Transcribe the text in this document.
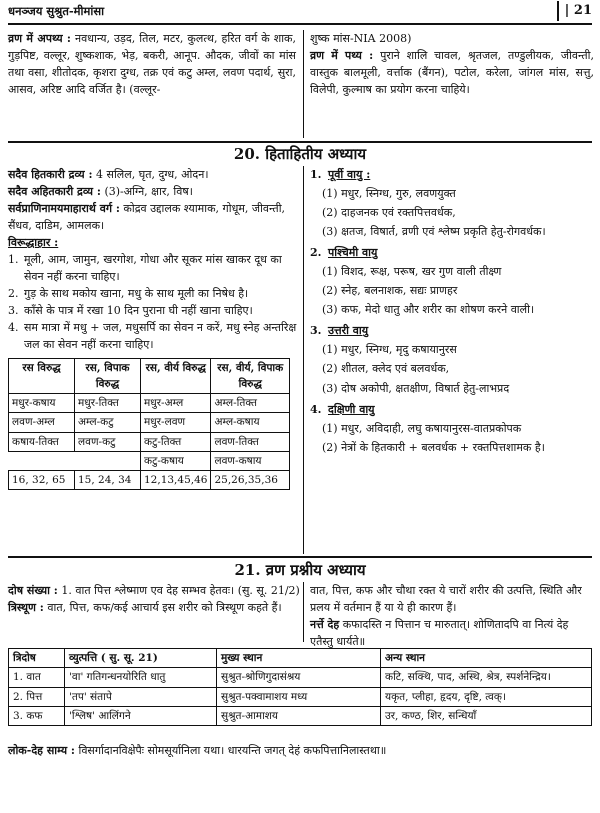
धनञ्जय सुश्रुत-मीमांसा	| 21

व्रण में अपथ्य : नवधान्य, उड़द, तिल, मटर, कुलत्थ, हरित वर्ग के शाक, गुड़पिष्ट, वल्लूर, शुष्कशाक, भेड़, बकरी, आनूप. औदक, जीवों का मांस तथा वसा, शीतोदक, कृशरा दुग्ध, तक्र एवं कटु अम्ल, लवण पदार्थ, सुरा, आसव, अरिष्ट आदि वर्जित है। (वल्लूर-

शुष्क मांस-NIA 2008)

व्रण में पथ्य : पुराने शालि चावल, श्रृतजल, तण्डुलीयक, जीवन्ती, वास्तुक बालमूली, वर्त्ताक (बैंगन), पटोल, करेला, जांगल मांस, सत्तु, विलेपी, कुल्माष का प्रयोग करना चाहिये।

20. हिताहितीय अध्याय

सदैव हितकारी द्रव्य : 4 सलिल, घृत, दुग्ध, ओदन।

सदैव अहितकारी द्रव्य : (3)-अग्नि, क्षार, विष।

सर्वप्राणिनामयमाहारार्थ वर्ग : कोद्रव उद्दालक श्यामाक, गोधूम, जीवन्ती, सैंधव, दाडिम, आमलक।

विरूद्धाहार :

1. मूली, आम, जामुन, खरगोश, गोधा और सूकर मांस खाकर दूध का सेवन नहीं करना चाहिए।
2. गुड़ के साथ मकोय खाना, मधु के साथ मूली का निषेध है।
3. काँसे के पात्र में रखा 10 दिन पुराना घी नहीं खाना चाहिए।
4. सम मात्रा में मधु + जल, मधुसर्पि का सेवन न करें, मधु स्नेह अन्तरिक्ष जल का सेवन नहीं करना चाहिए।
रस विरुद्ध	रस, विपाक विरुद्ध	रस, वीर्य विरुद्ध	रस, वीर्य, विपाक विरुद्ध
मधुर-कषाय	मधुर-तिक्त	मधुर-अम्ल	अम्ल-तिक्त
लवण-अम्ल	अम्ल-कटु	मधुर-लवण	अम्ल-कषाय
कषाय-तिक्त	लवण-कटु	कटु-तिक्त	लवण-तिक्त
		कटु-कषाय	लवण-कषाय
16, 32, 65	15, 24, 34	12,13,45,46	25,26,35,36

1. पूर्वी वायु :

(1) मधुर, स्निग्ध, गुरु, लवणयुक्त
(2) दाहजनक एवं रक्तपित्तवर्धक,
(3) क्षतज, विषार्त, व्रणी एवं श्लेष्म प्रकृति हेतु-रोगवर्धक।

2. पश्चिमी वायु

(1) विशद, रूक्ष, परूष, खर गुण वाली तीक्ष्ण
(2) स्नेह, बलनाशक, सद्यः प्राणहर
(3) कफ, मेदो धातु और शरीर का शोषण करने वाली।

3. उत्तरी वायु

(1) मधुर, स्निग्ध, मृदु कषायानुरस
(2) शीतल, क्लेद एवं बलवर्धक,
(3) दोष अकोपी, क्षतक्षीण, विषार्त हेतु-लाभप्रद

4. दक्षिणी वायु

(1) मधुर, अविदाही, लघु कषायानुरस-वातप्रकोपक
(2) नेत्रों के हितकारी + बलवर्धक + रक्तपित्तशामक है।
21. व्रण प्रश्नीय अध्याय

दोष संख्या : 1. वात पित्त श्लेष्माण एव देह सम्भव हेतवः। (सु. सू. 21/2)

त्रिस्थूण : वात, पित्त, कफ/कई आचार्य इस शरीर को त्रिस्थूण कहते हैं।

वात, पित्त, कफ और चौथा रक्त ये चारों शरीर की उत्पत्ति, स्थिति और प्रलय में वर्तमान हैं या ये ही कारण हैं।

नर्त्ते देह कफादस्ति न पित्तान च मारुतात्। शोणितादपि वा नित्यं देह एतैस्तु धार्यते॥

त्रिदोष	व्युत्पत्ति ( सु. सू. 21)	मुख्य स्थान	अन्य स्थान
1. वात	'वा' गतिगन्धनयोरिति धातु	सुश्रुत-श्रोणिगुदासंश्रय	कटि, सक्थि, पाद, अस्थि, श्रेत्र, स्पर्शनेन्द्रिय।
2. पित्त	'तप' संतापे	सुश्रुत-पक्वामाशय मध्य	यकृत, प्लीहा, हृदय, दृष्टि, त्वक्।
3. कफ	'श्लिष' आलिंगने	सुश्रुत-आमाशय	उर, कण्ठ, शिर, सन्धियाँ

लोक-देह साम्य : विसर्गादानविक्षेपैः सोमसूर्यानिला यथा। धारयन्ति जगत् देहं कफपित्तानिलास्तथा॥
